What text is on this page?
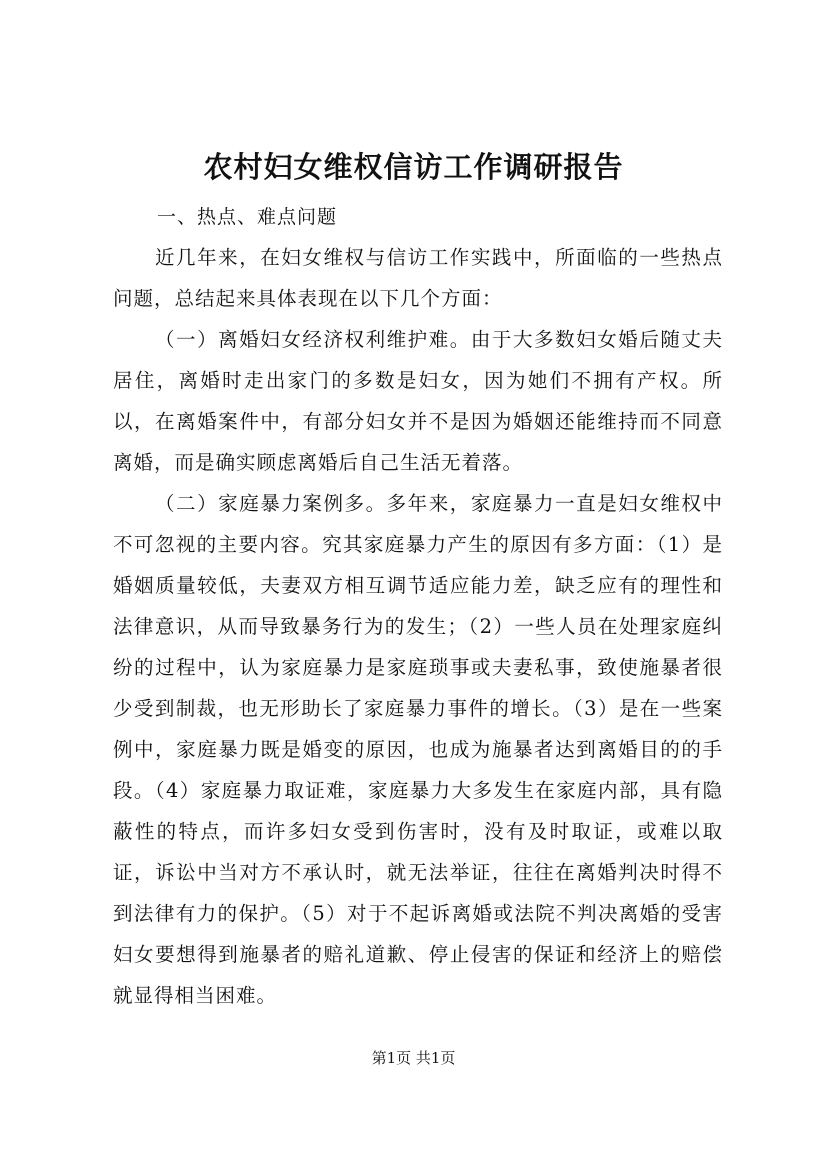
农村妇女维权信访工作调研报告

一、热点、难点问题

近几年来，在妇女维权与信访工作实践中，所面临的一些热点问题，总结起来具体表现在以下几个方面：

（一）离婚妇女经济权利维护难。由于大多数妇女婚后随丈夫居住，离婚时走出家门的多数是妇女，因为她们不拥有产权。所以，在离婚案件中，有部分妇女并不是因为婚姻还能维持而不同意离婚，而是确实顾虑离婚后自己生活无着落。

（二）家庭暴力案例多。多年来，家庭暴力一直是妇女维权中不可忽视的主要内容。究其家庭暴力产生的原因有多方面：（1）是婚姻质量较低，夫妻双方相互调节适应能力差，缺乏应有的理性和法律意识，从而导致暴务行为的发生；（2）一些人员在处理家庭纠纷的过程中，认为家庭暴力是家庭琐事或夫妻私事，致使施暴者很少受到制裁，也无形助长了家庭暴力事件的增长。（3）是在一些案例中，家庭暴力既是婚变的原因，也成为施暴者达到离婚目的的手段。（4）家庭暴力取证难，家庭暴力大多发生在家庭内部，具有隐蔽性的特点，而许多妇女受到伤害时，没有及时取证，或难以取证，诉讼中当对方不承认时，就无法举证，往往在离婚判决时得不到法律有力的保护。（5）对于不起诉离婚或法院不判决离婚的受害妇女要想得到施暴者的赔礼道歉、停止侵害的保证和经济上的赔偿就显得相当困难。

第1页 共1页
